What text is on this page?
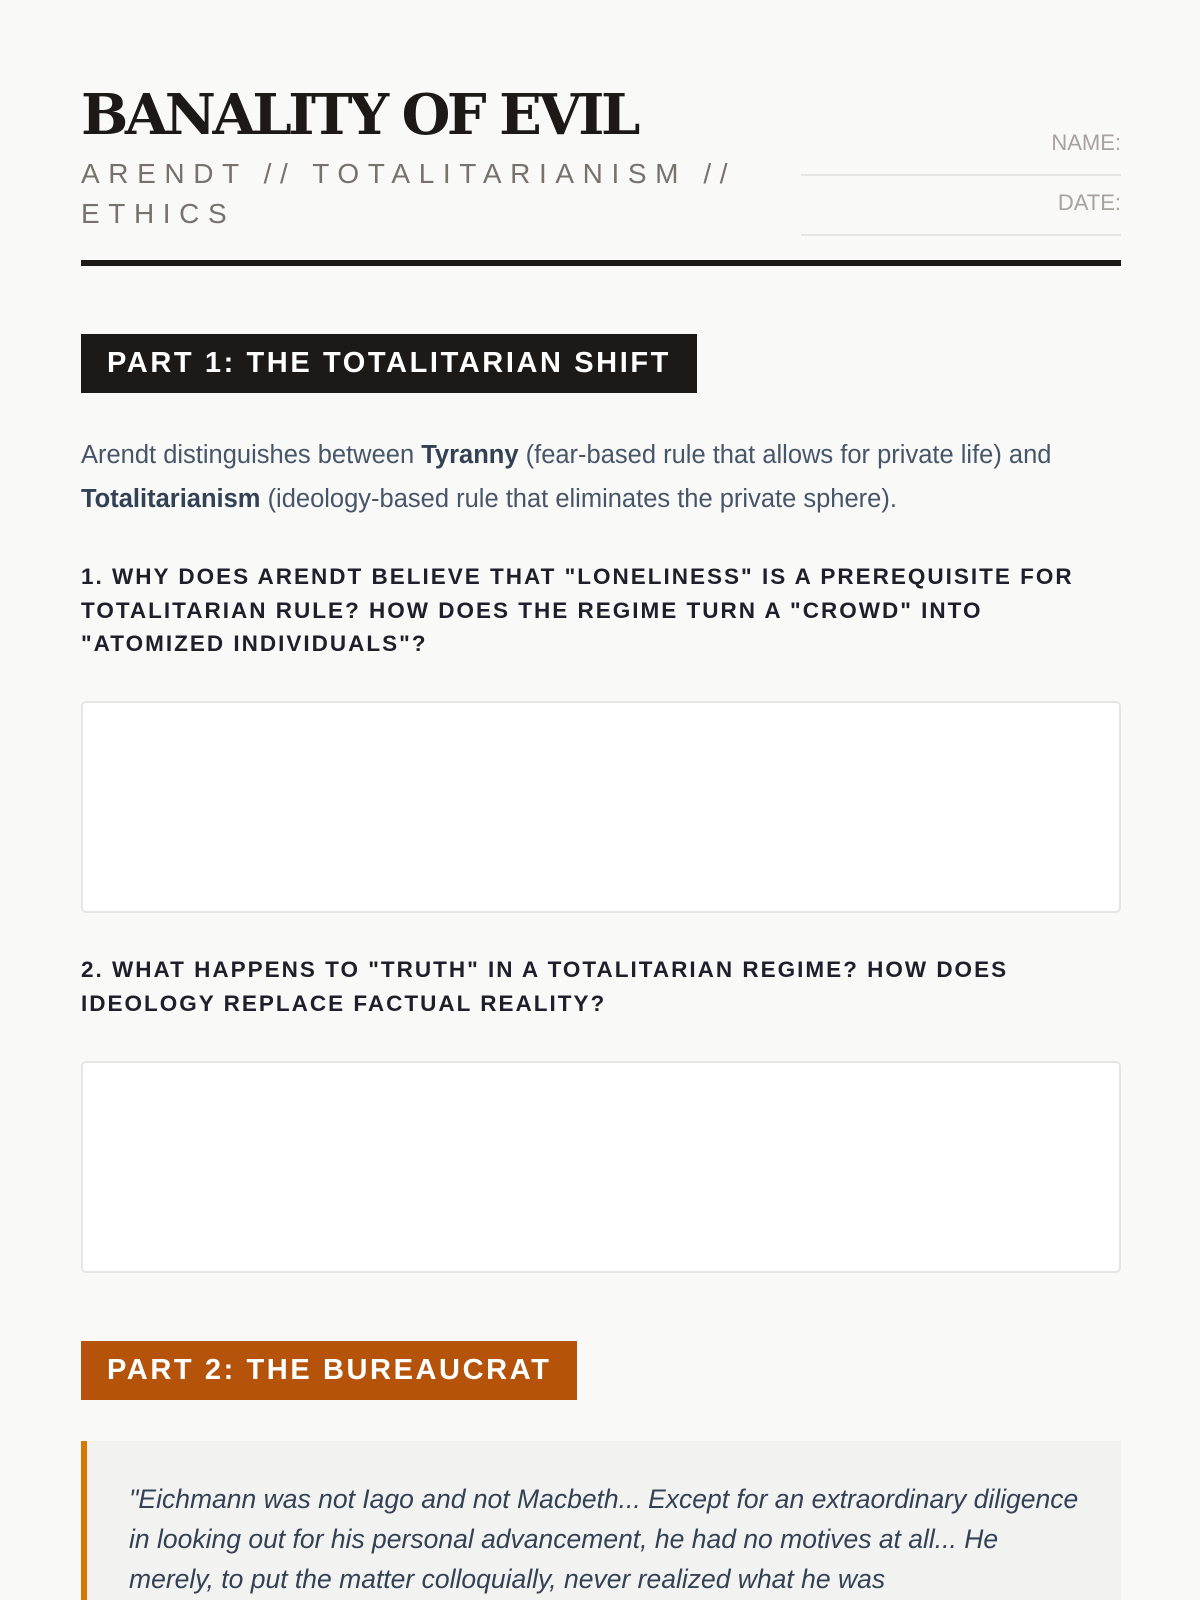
BANALITY OF EVIL
ARENDT // TOTALITARIANISM // ETHICS
NAME:
DATE:
PART 1: THE TOTALITARIAN SHIFT

Arendt distinguishes between Tyranny (fear-based rule that allows for private life) and Totalitarianism (ideology-based rule that eliminates the private sphere).

1. WHY DOES ARENDT BELIEVE THAT "LONELINESS" IS A PREREQUISITE FOR TOTALITARIAN RULE? HOW DOES THE REGIME TURN A "CROWD" INTO "ATOMIZED INDIVIDUALS"?
2. WHAT HAPPENS TO "TRUTH" IN A TOTALITARIAN REGIME? HOW DOES IDEOLOGY REPLACE FACTUAL REALITY?
PART 2: THE BUREAUCRAT

"Eichmann was not Iago and not Macbeth... Except for an extraordinary diligence in looking out for his personal advancement, he had no motives at all... He merely, to put the matter colloquially, never realized what he was
